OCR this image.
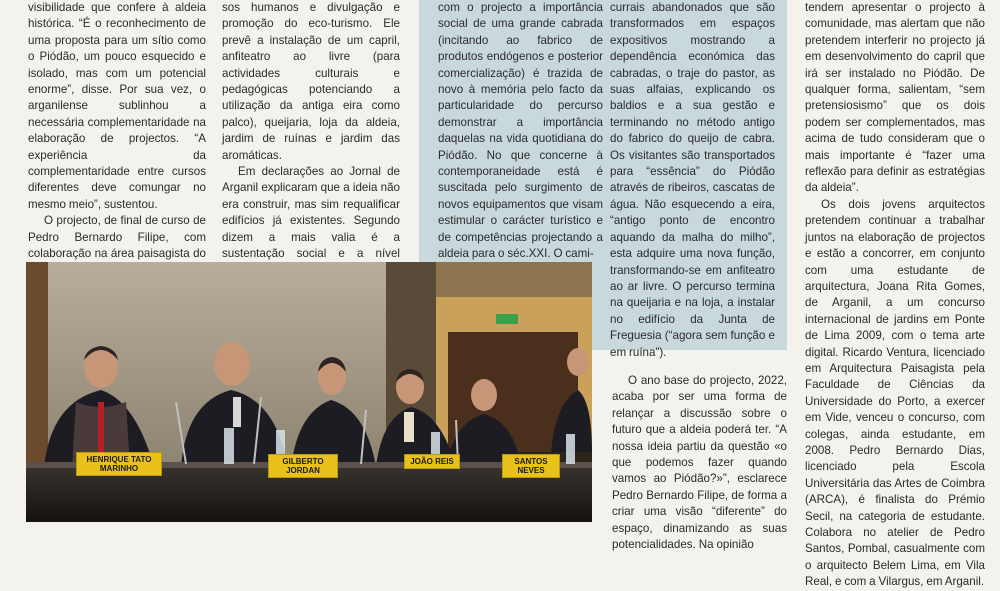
visibilidade que confere à aldeia histórica. “É o reconhecimento de uma proposta para um sítio como o Piódão, um pouco esquecido e isolado, mas com um potencial enorme”, disse. Por sua vez, o arganilense sublinhou a necessária complementaridade na elaboração de projectos. “A experiência da complementaridade entre cursos diferentes deve comungar no mesmo meio”, sustentou.

O projecto, de final de curso de Pedro Bernardo Filipe, com colaboração na área paisagista do

sos humanos e divulgação e promoção do eco-turismo. Ele prevê a instalação de um capril, anfiteatro ao livre (para actividades culturais e pedagógicas potenciando a utilização da antiga eira como palco), queijaria, loja da aldeia, jardim de ruínas e jardim das aromáticas.

Em declarações ao Jornal de Arganil explicaram que a ideia não era construir, mas sim requalificar edifícios já existentes. Segundo dizem a mais valia é a sustentação social e a nível

com o projecto a importância social de uma grande cabrada (incitando ao fabrico de produtos endógenos e posterior comercialização) é trazida de novo à memória pelo facto da particularidade do percurso demonstrar a importância daquelas na vida quotidiana do Piódão. No que concerne à contemporaneidade está é suscitada pelo surgimento de novos equipamentos que visam estimular o carácter turístico e de competências projectando a aldeia para o séc.XXI. O cami-

currais abandonados que são transformados em espaços expositivos mostrando a dependência económica das cabradas, o traje do pastor, as suas alfaias, explicando os baldios e a sua gestão e terminando no método antigo do fabrico do queijo de cabra. Os visitantes são transportados para “essência” do Piódão através de ribeiros, cascatas de água. Não esquecendo a eira, “antigo ponto de encontro aquando da malha do milho”, esta adquire uma nova função, transformando-se em anfiteatro ao ar livre. O percurso termina na queijaria e na loja, a instalar no edifício da Junta de Freguesia (“agora sem função e em ruína”).

O ano base do projecto, 2022, acaba por ser uma forma de relançar a discussão sobre o futuro que a aldeia poderá ter. “A nossa ideia partiu da questão «o que podemos fazer quando vamos ao Piódão?»”, esclarece Pedro Bernardo Filipe, de forma a criar uma visão “diferente” do espaço, dinamizando as suas potencialidades. Na opinião

tendem apresentar o projecto à comunidade, mas alertam que não pretendem interferir no projecto já em desenvolvimento do capril que irá ser instalado no Piódão. De qualquer forma, salientam, “sem pretensiosismo” que os dois podem ser complementados, mas acima de tudo consideram que o mais importante é “fazer uma reflexão para definir as estratégias da aldeia”.

Os dois jovens arquitectos pretendem continuar a trabalhar juntos na elaboração de projectos e estão a concorrer, em conjunto com uma estudante de arquitectura, Joana Rita Gomes, de Arganil, a um concurso internacional de jardins em Ponte de Lima 2009, com o tema arte digital. Ricardo Ventura, licenciado em Arquitectura Paisagista pela Faculdade de Ciências da Universidade do Porto, a exercer em Vide, venceu o concurso, com colegas, ainda estudante, em 2008. Pedro Bernardo Dias, licenciado pela Escola Universitária das Artes de Coimbra (ARCA), é finalista do Prémio Secil, na categoria de estudante. Colabora no atelier de Pedro Santos, Pombal, casualmente com o arquitecto Belem Lima, em Vila Real, e com a Vilargus, em Arganil.

HENRIQUE TATO MARINHO
GILBERTO JORDAN
JOÃO REIS	SANTOS NEVES
